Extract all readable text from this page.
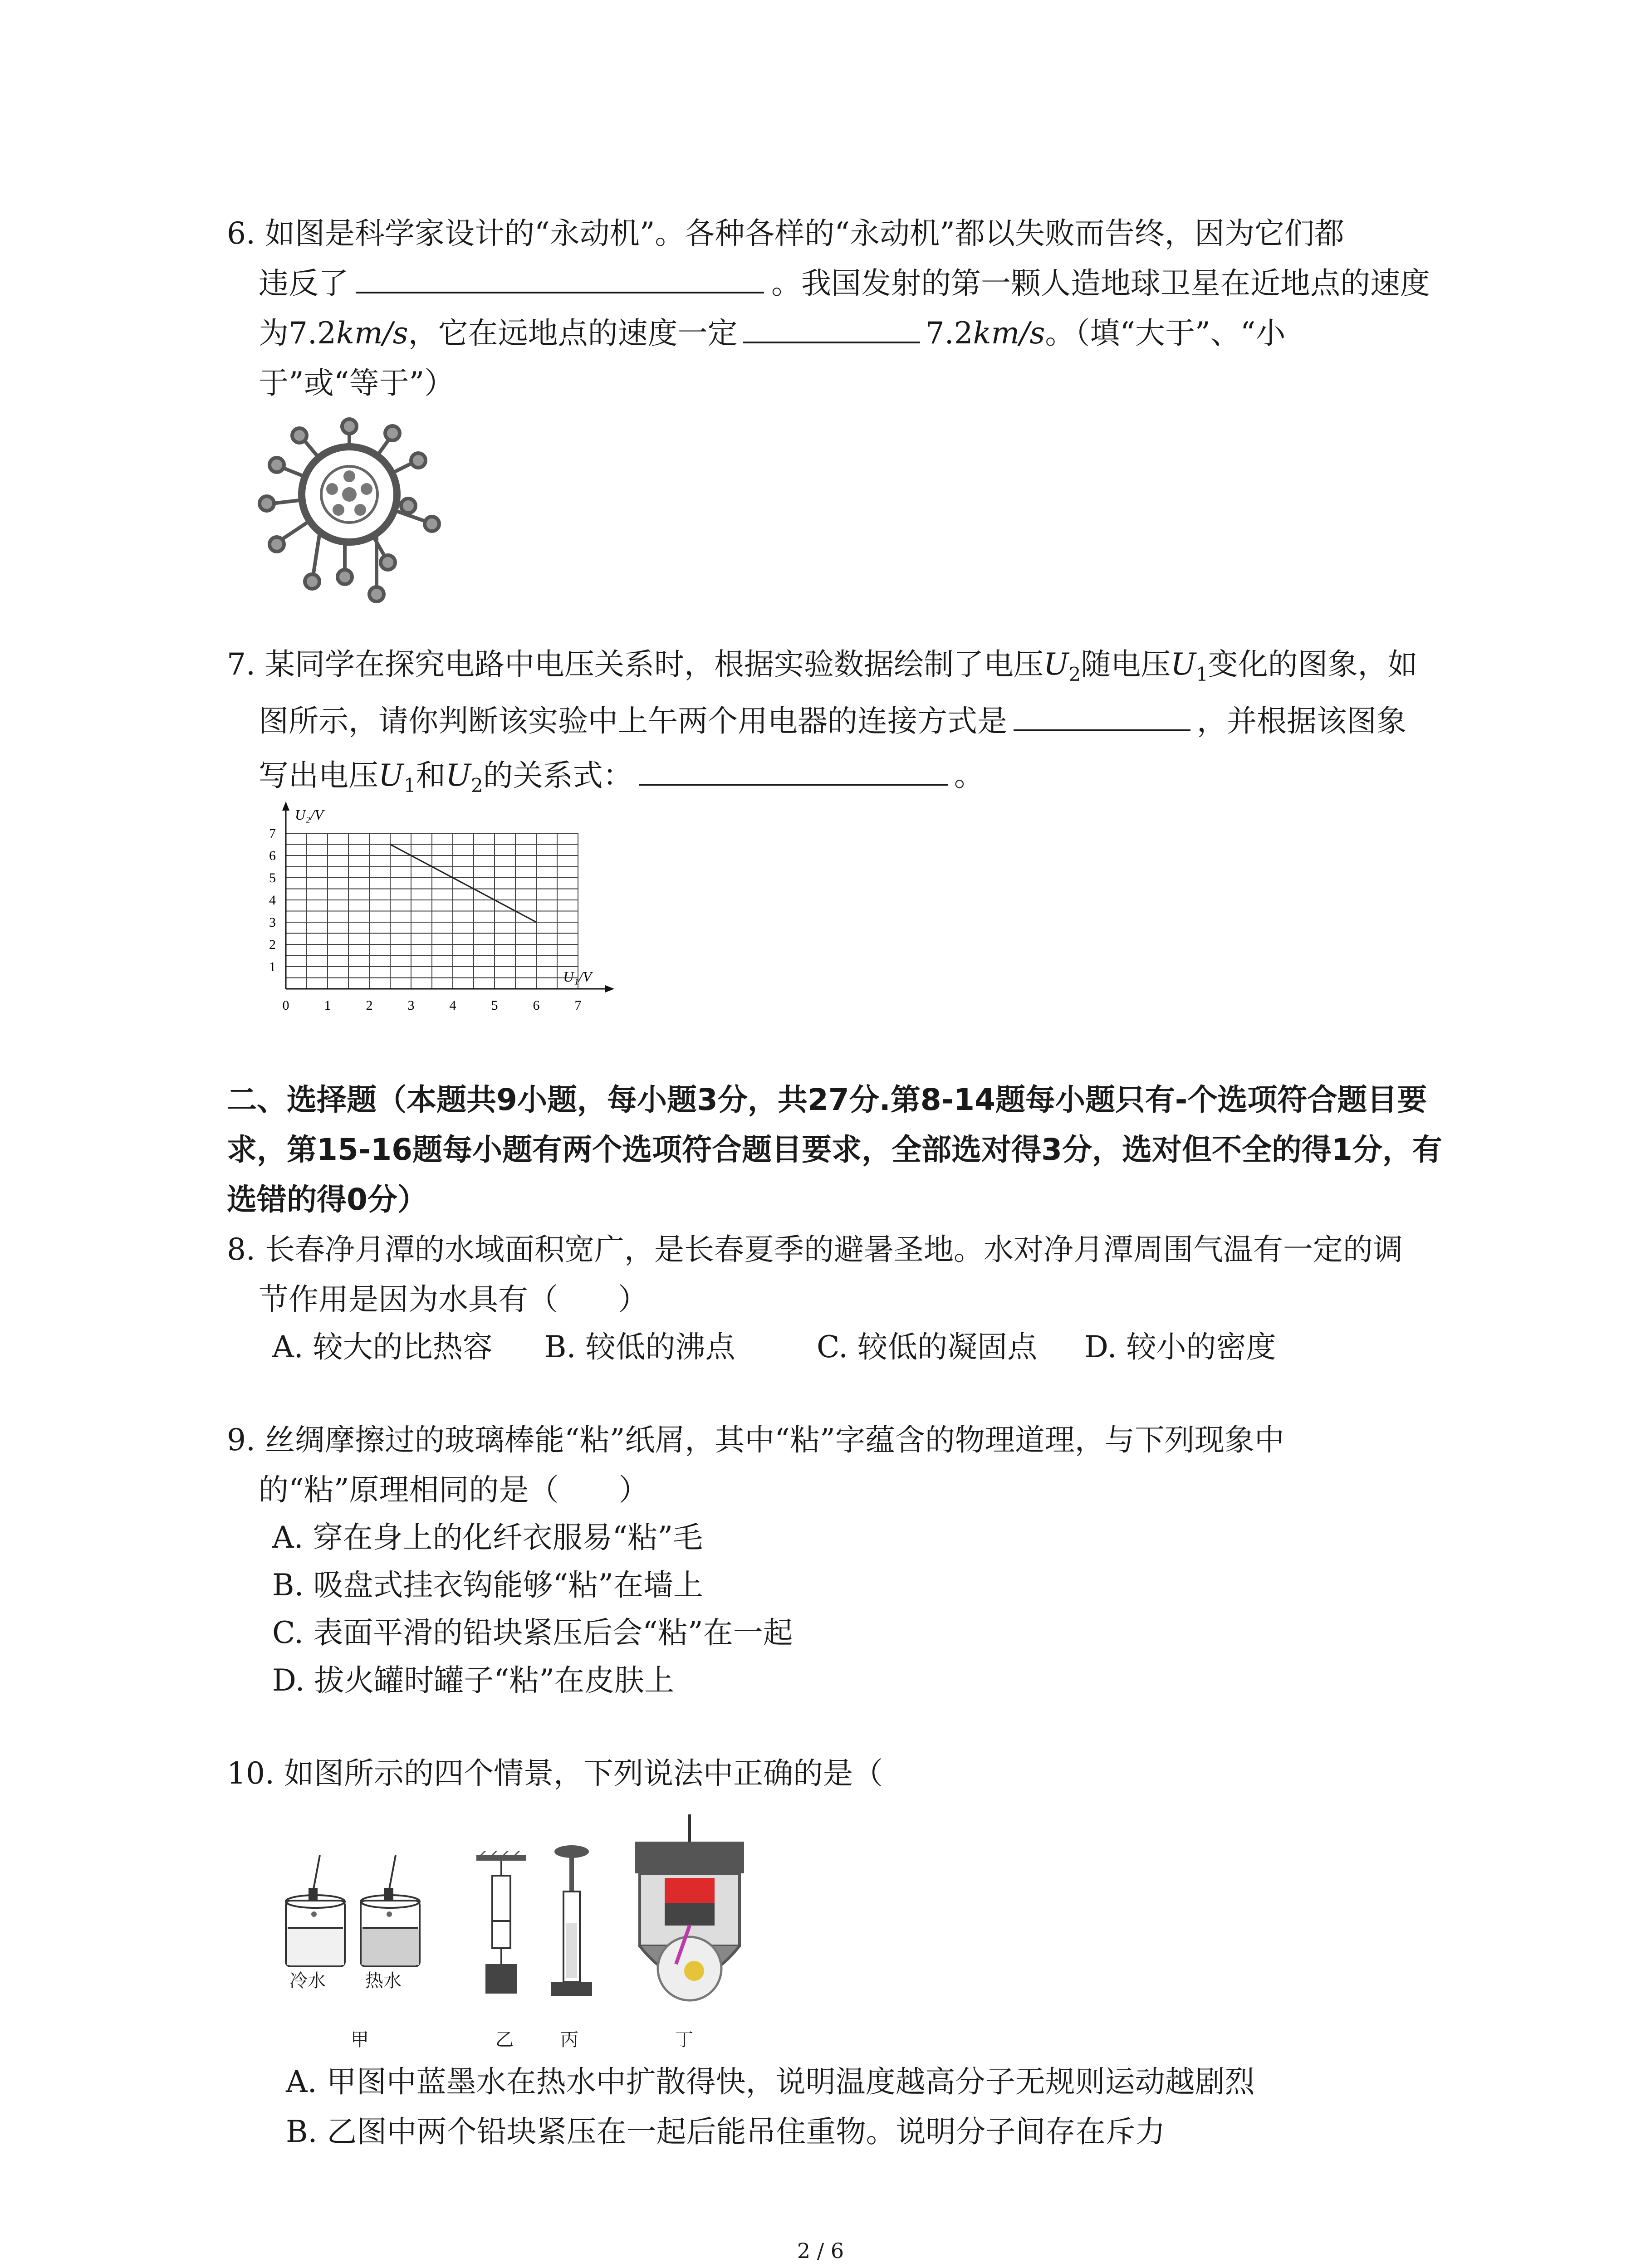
6. 如图是科学家设计的“永动机”。各种各样的“永动机”都以失败而告终，因为它们都
违反了	。我国发射的第一颗人造地球卫星在近地点的速度
为7.2km/s，它在远地点的速度一定	7.2km/s。（填“大于”、“小
于”或“等于”）
7. 某同学在探究电路中电压关系时，根据实验数据绘制了电压$U_2$随电压$U_1$变化的图象，如
图所示，请你判断该实验中上午两个用电器的连接方式是	，并根据该图象
写出电压$U_1$和$U_2$的关系式：	。
0	1	2	3	4	5	6	7
1
2
3
4
5
6
7
U₁/V
U₂/V
二、选择题（本题共9小题，每小题3分，共27分.第8-14题每小题只有-个选项符合题目要
求，第15-16题每小题有两个选项符合题目要求，全部选对得3分，选对但不全的得1分，有
选错的得0分）
8. 长春净月潭的水域面积宽广，是长春夏季的避暑圣地。水对净月潭周围气温有一定的调
节作用是因为水具有（　　）
A. 较大的比热容 B. 较低的沸点	C. 较低的凝固点 D. 较小的密度
9. 丝绸摩擦过的玻璃棒能“粘”纸屑，其中“粘”字蕴含的物理道理，与下列现象中
的“粘”原理相同的是（　　）
A. 穿在身上的化纤衣服易“粘”毛
B. 吸盘式挂衣钩能够“粘”在墙上
C. 表面平滑的铅块紧压后会“粘”在一起
D. 拔火罐时罐子“粘”在皮肤上
10. 如图所示的四个情景，下列说法中正确的是（
冷水 热水
甲	乙	丙	丁
A. 甲图中蓝墨水在热水中扩散得快，说明温度越高分子无规则运动越剧烈
B. 乙图中两个铅块紧压在一起后能吊住重物。说明分子间存在斥力
2 / 6
